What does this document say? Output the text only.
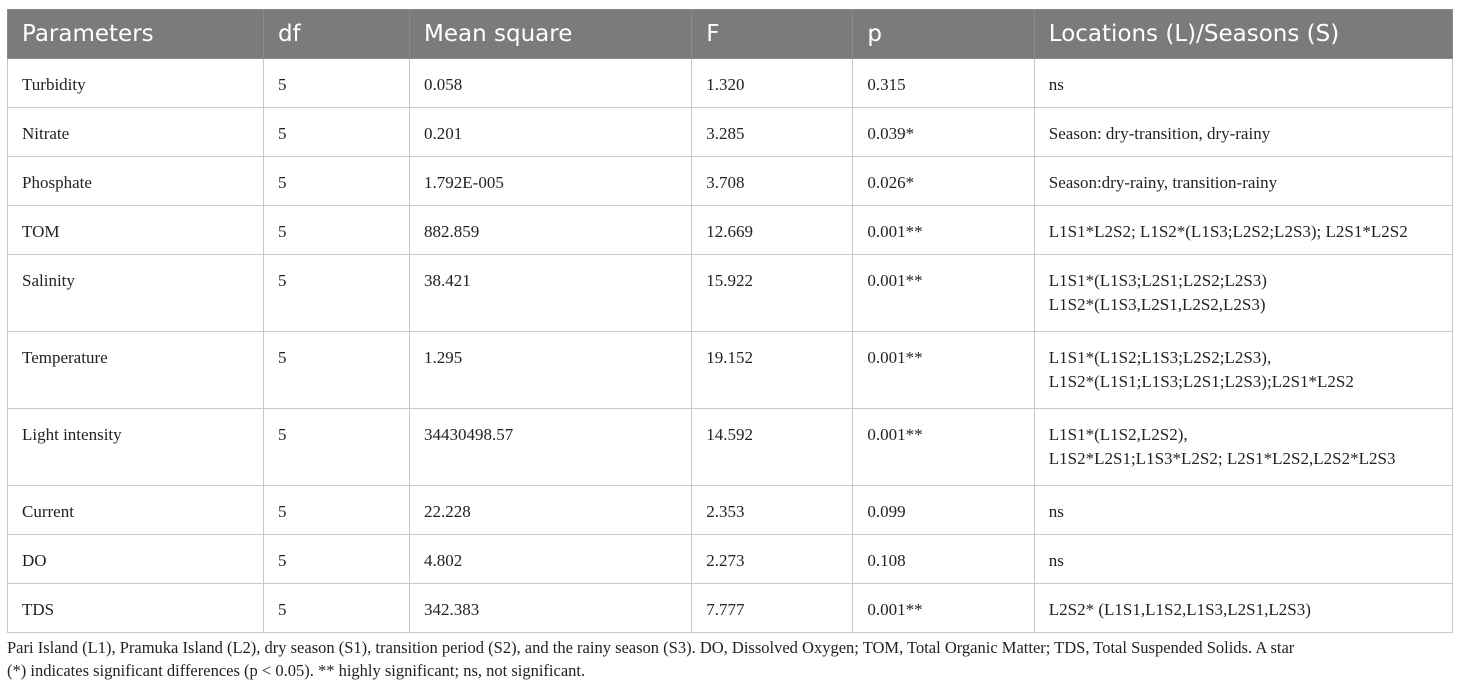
Parameters	df	Mean square	F	p	Locations (L)/Seasons (S)
Turbidity	5	0.058	1.320	0.315	ns

Nitrate	5	0.201	3.285	0.039*	Season: dry-transition, dry-rainy

Phosphate	5	1.792E-005	3.708	0.026*	Season:dry-rainy, transition-rainy

TOM	5	882.859	12.669	0.001**	L1S1*L2S2; L1S2*(L1S3;L2S2;L2S3); L2S1*L2S2

Salinity	5	38.421	15.922	0.001**	L1S1*(L1S3;L2S1;L2S2;L2S3)
L1S2*(L1S3,L2S1,L2S2,L2S3)

Temperature	5	1.295	19.152	0.001**	L1S1*(L1S2;L1S3;L2S2;L2S3),
L1S2*(L1S1;L1S3;L2S1;L2S3);L2S1*L2S2

Light intensity	5	34430498.57	14.592	0.001**	L1S1*(L1S2,L2S2),
L1S2*L2S1;L1S3*L2S2; L2S1*L2S2,L2S2*L2S3

Current	5	22.228	2.353	0.099	ns

DO	5	4.802	2.273	0.108	ns

TDS	5	342.383	7.777	0.001**	L2S2* (L1S1,L1S2,L1S3,L2S1,L2S3)
Pari Island (L1), Pramuka Island (L2), dry season (S1), transition period (S2), and the rainy season (S3). DO, Dissolved Oxygen; TOM, Total Organic Matter; TDS, Total Suspended Solids. A star
(*) indicates significant differences (p < 0.05). ** highly significant; ns, not significant.
